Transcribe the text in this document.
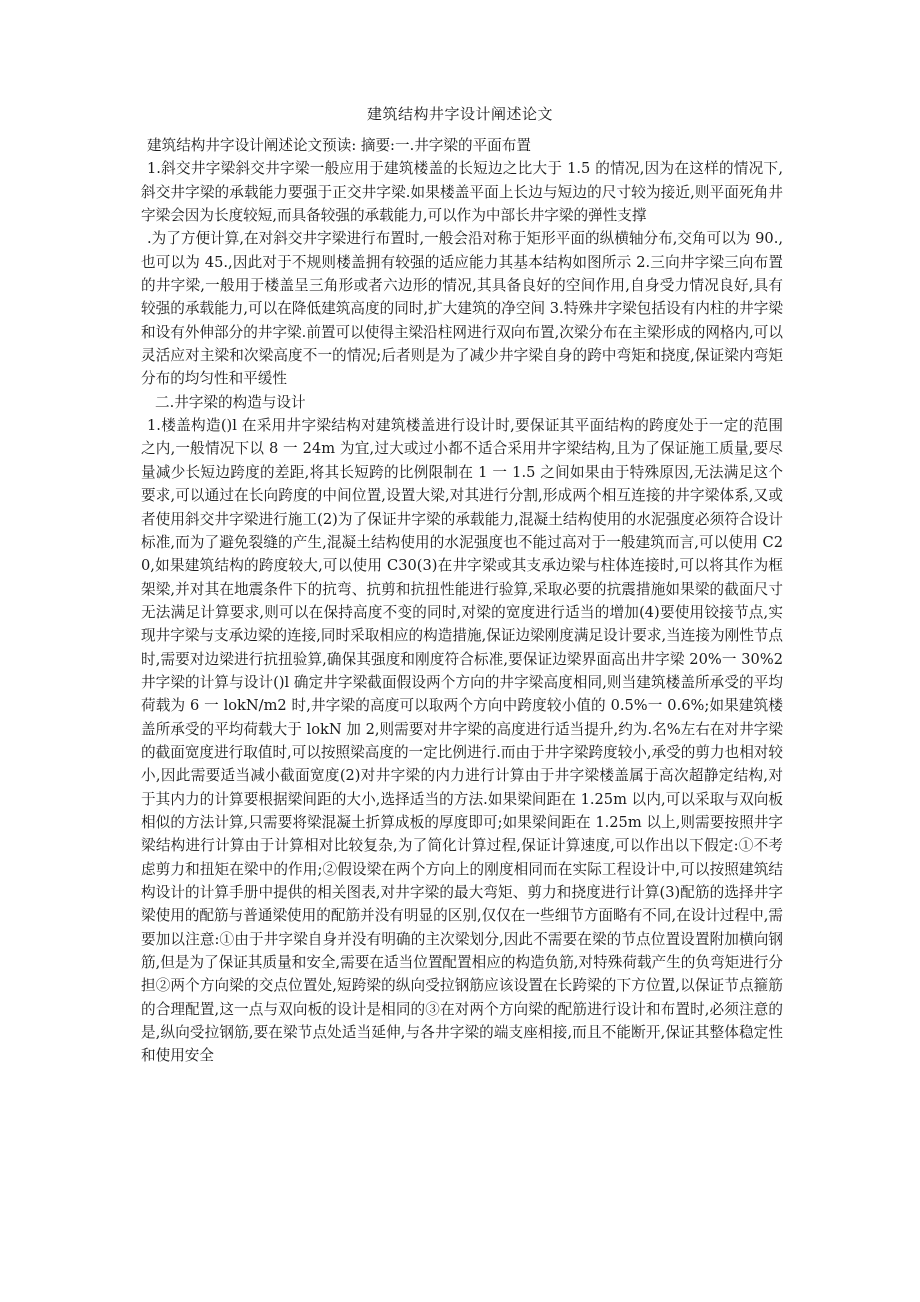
建筑结构井字设计阐述论文

建筑结构井字设计阐述论文预读: 摘要:一.井字梁的平面布置

1.斜交井字梁斜交井字梁一般应用于建筑楼盖的长短边之比大于 1.5 的情况,因为在这样的情况下,斜交井字梁的承载能力要强于正交井字梁.如果楼盖平面上长边与短边的尺寸较为接近,则平面死角井字梁会因为长度较短,而具备较强的承载能力,可以作为中部长井字梁的弹性支撑

.为了方便计算,在对斜交井字梁进行布置时,一般会沿对称于矩形平面的纵横轴分布,交角可以为 90.,也可以为 45.,因此对于不规则楼盖拥有较强的适应能力其基本结构如图所示 2.三向井字梁三向布置的井字梁,一般用于楼盖呈三角形或者六边形的情况,其具备良好的空间作用,自身受力情况良好,具有较强的承载能力,可以在降低建筑高度的同时,扩大建筑的净空间 3.特殊井字梁包括设有内柱的井字梁和设有外伸部分的井字梁.前置可以使得主梁沿柱网进行双向布置,次梁分布在主梁形成的网格内,可以灵活应对主梁和次梁高度不一的情况;后者则是为了减少井字梁自身的跨中弯矩和挠度,保证梁内弯矩分布的均匀性和平缓性

二.井字梁的构造与设计

1.楼盖构造()l 在采用井字梁结构对建筑楼盖进行设计时,要保证其平面结构的跨度处于一定的范围之内,一般情况下以 8 一 24m 为宜,过大或过小都不适合采用井字梁结构,且为了保证施工质量,要尽量减少长短边跨度的差距,将其长短跨的比例限制在 1 一 1.5 之间如果由于特殊原因,无法满足这个要求,可以通过在长向跨度的中间位置,设置大梁,对其进行分割,形成两个相互连接的井字梁体系,又或者使用斜交井字梁进行施工(2)为了保证井字梁的承载能力,混凝土结构使用的水泥强度必须符合设计标准,而为了避免裂缝的产生,混凝土结构使用的水泥强度也不能过高对于一般建筑而言,可以使用 C20,如果建筑结构的跨度较大,可以使用 C30(3)在井字梁或其支承边梁与柱体连接时,可以将其作为框架梁,并对其在地震条件下的抗弯、抗剪和抗扭性能进行验算,采取必要的抗震措施如果梁的截面尺寸无法满足计算要求,则可以在保持高度不变的同时,对梁的宽度进行适当的增加(4)要使用铰接节点,实现井字梁与支承边梁的连接,同时采取相应的构造措施,保证边梁刚度满足设计要求,当连接为刚性节点时,需要对边梁进行抗扭验算,确保其强度和刚度符合标准,要保证边梁界面高出井字梁 20%一 30%2 井字梁的计算与设计()l 确定井字梁截面假设两个方向的井字梁高度相同,则当建筑楼盖所承受的平均荷载为 6 一 lokN/m2 时,井字梁的高度可以取两个方向中跨度较小值的 0.5%一 0.6%;如果建筑楼盖所承受的平均荷载大于 lokN 加 2,则需要对井字梁的高度进行适当提升,约为.名%左右在对井字梁的截面宽度进行取值时,可以按照梁高度的一定比例进行.而由于井字梁跨度较小,承受的剪力也相对较小,因此需要适当减小截面宽度(2)对井字梁的内力进行计算由于井字梁楼盖属于高次超静定结构,对于其内力的计算要根据梁间距的大小,选择适当的方法.如果梁间距在 1.25m 以内,可以采取与双向板相似的方法计算,只需要将梁混凝土折算成板的厚度即可;如果梁间距在 1.25m 以上,则需要按照井字梁结构进行计算由于计算相对比较复杂,为了简化计算过程,保证计算速度,可以作出以下假定:①不考虑剪力和扭矩在梁中的作用;②假设梁在两个方向上的刚度相同而在实际工程设计中,可以按照建筑结构设计的计算手册中提供的相关图表,对井字梁的最大弯矩、剪力和挠度进行计算(3)配筋的选择井字梁使用的配筋与普通梁使用的配筋并没有明显的区别,仅仅在一些细节方面略有不同,在设计过程中,需要加以注意:①由于井字梁自身并没有明确的主次梁划分,因此不需要在梁的节点位置设置附加横向钢筋,但是为了保证其质量和安全,需要在适当位置配置相应的构造负筋,对特殊荷载产生的负弯矩进行分担②两个方向梁的交点位置处,短跨梁的纵向受拉钢筋应该设置在长跨梁的下方位置,以保证节点箍筋的合理配置,这一点与双向板的设计是相同的③在对两个方向梁的配筋进行设计和布置时,必须注意的是,纵向受拉钢筋,要在梁节点处适当延伸,与各井字梁的端支座相接,而且不能断开,保证其整体稳定性和使用安全
